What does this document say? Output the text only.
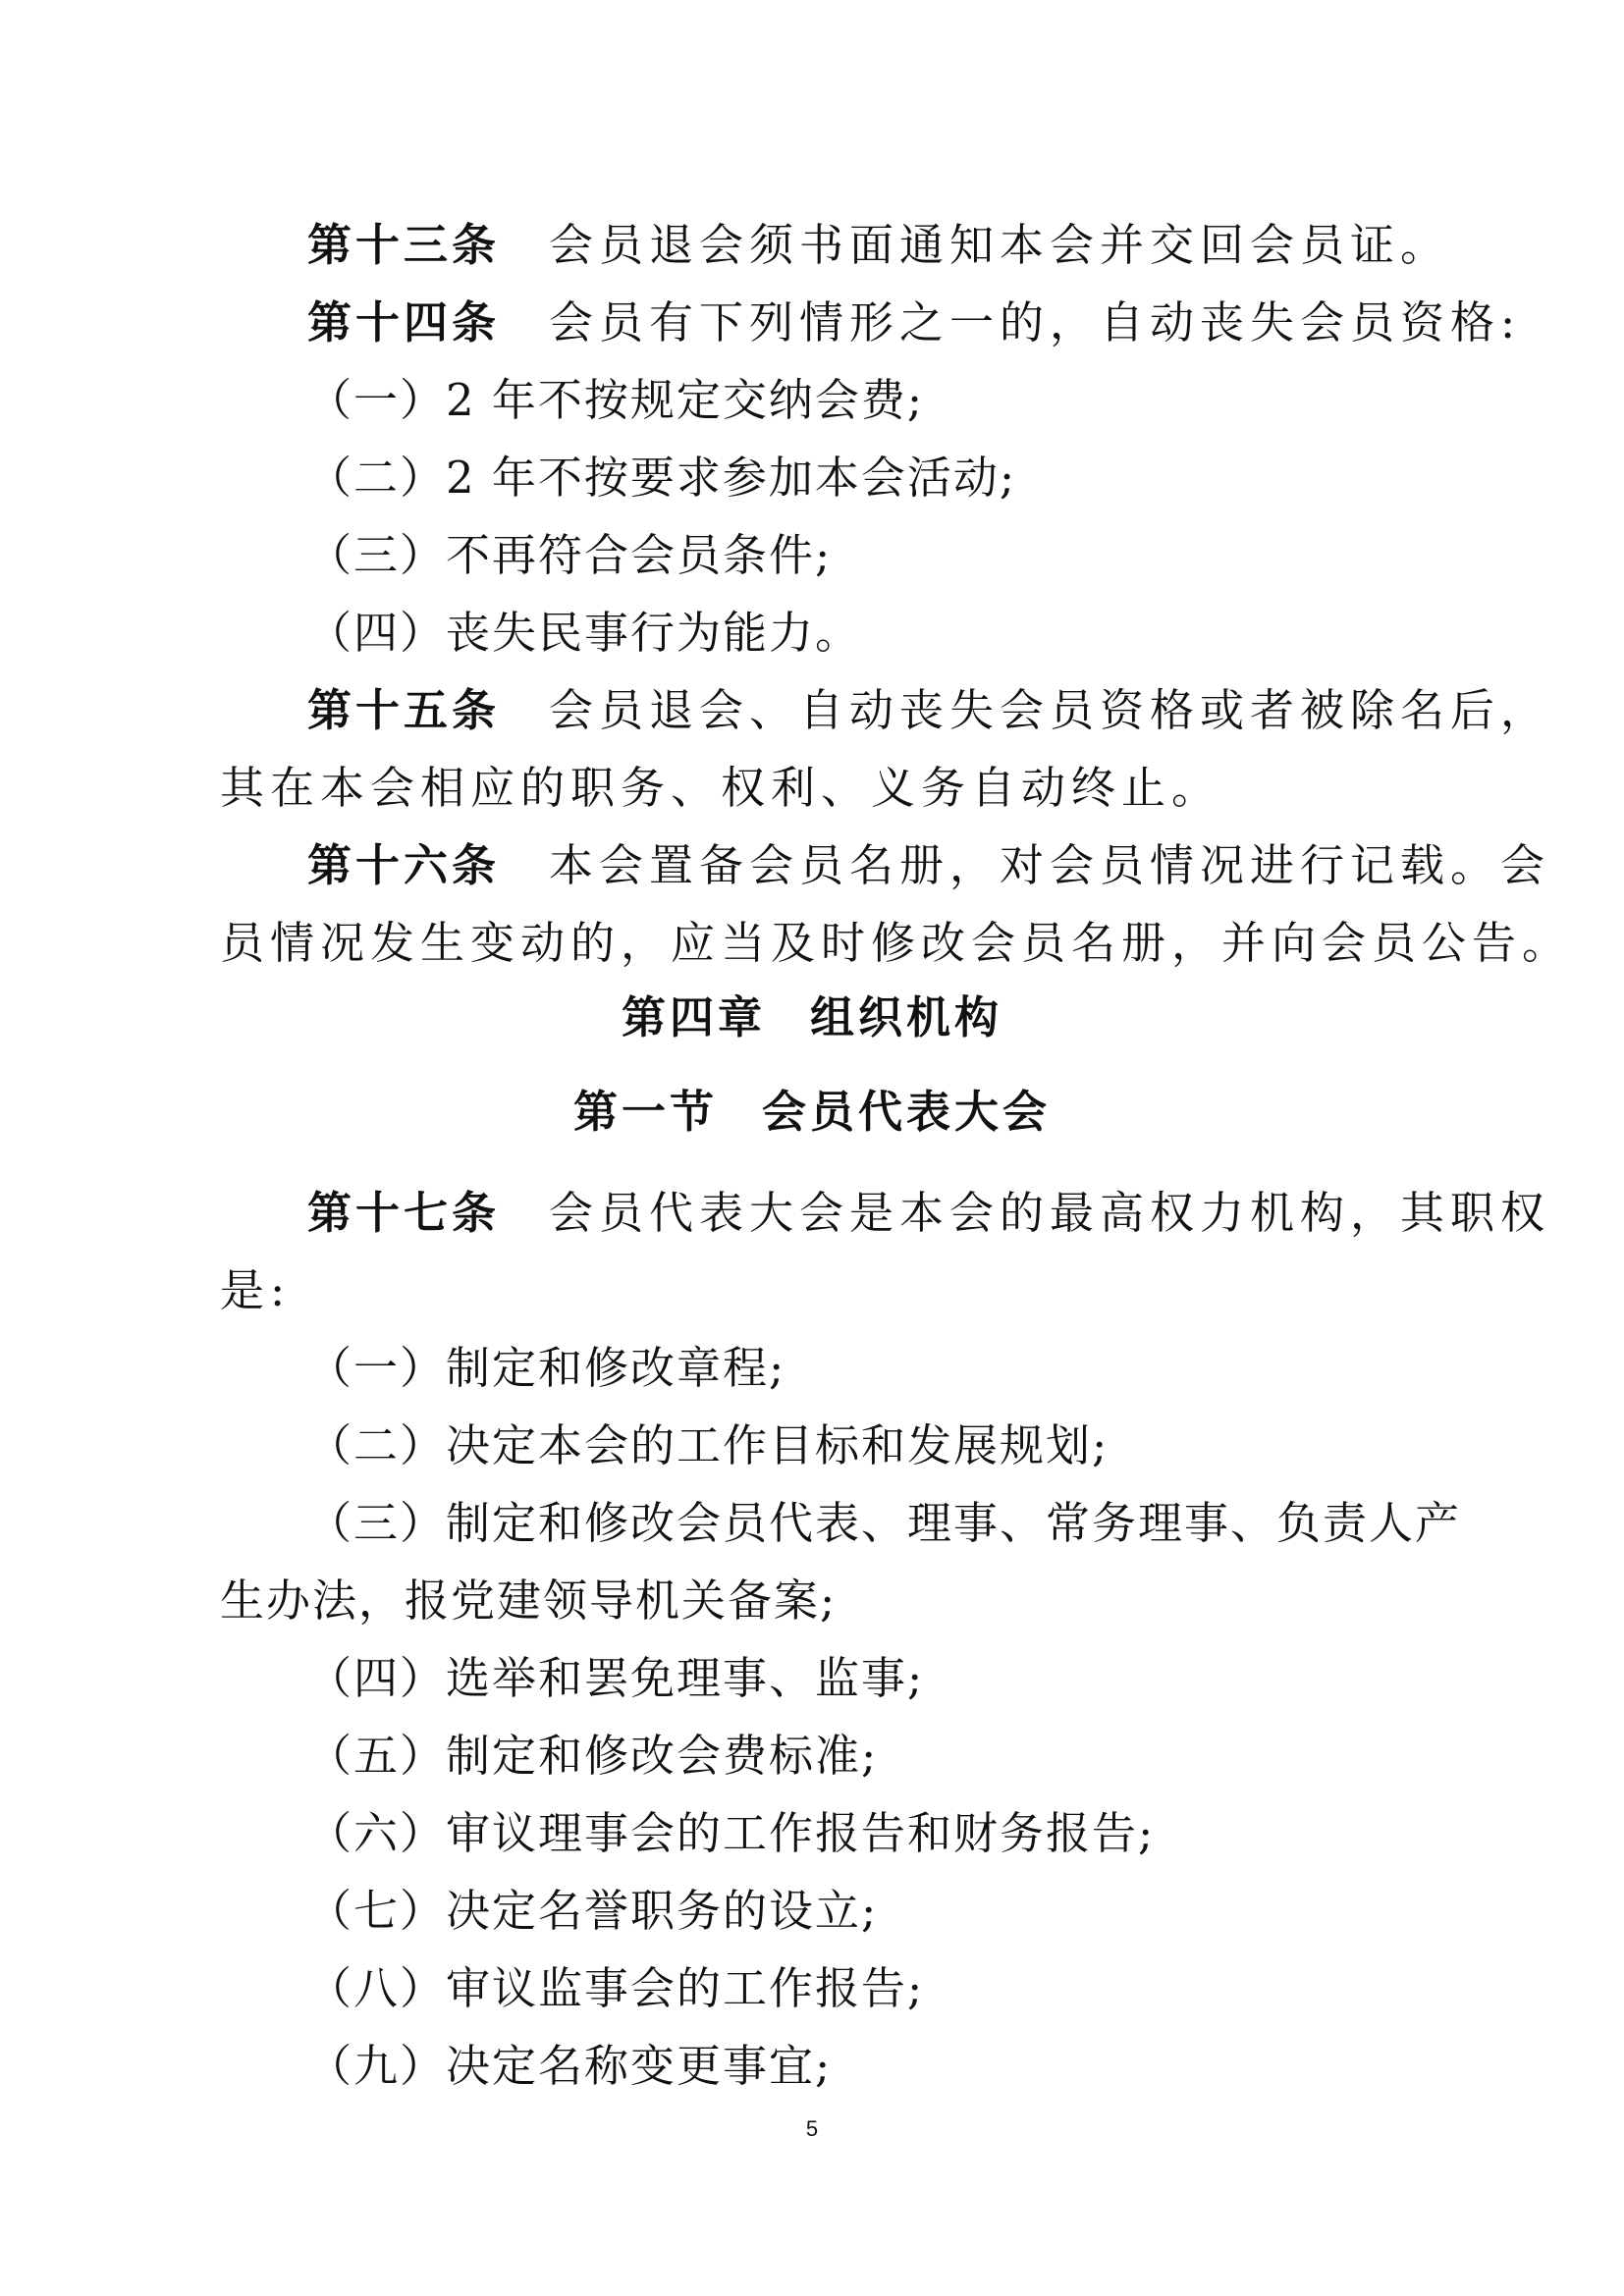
第十三条 会员退会须书面通知本会并交回会员证。
第十四条 会员有下列情形之一的，自动丧失会员资格:
（一）2 年不按规定交纳会费;
（二）2 年不按要求参加本会活动;
（三）不再符合会员条件;
（四）丧失民事行为能力。
第十五条 会员退会、自动丧失会员资格或者被除名后，
其在本会相应的职务、权利、义务自动终止。
第十六条 本会置备会员名册，对会员情况进行记载。会
员情况发生变动的，应当及时修改会员名册，并向会员公告。
第四章 组织机构
第一节 会员代表大会
第十七条 会员代表大会是本会的最高权力机构，其职权
是:
（一）制定和修改章程;
（二）决定本会的工作目标和发展规划;
（三）制定和修改会员代表、理事、常务理事、负责人产
生办法，报党建领导机关备案;
（四）选举和罢免理事、监事;
（五）制定和修改会费标准;
（六）审议理事会的工作报告和财务报告;
（七）决定名誉职务的设立;
（八）审议监事会的工作报告;
（九）决定名称变更事宜;
5
